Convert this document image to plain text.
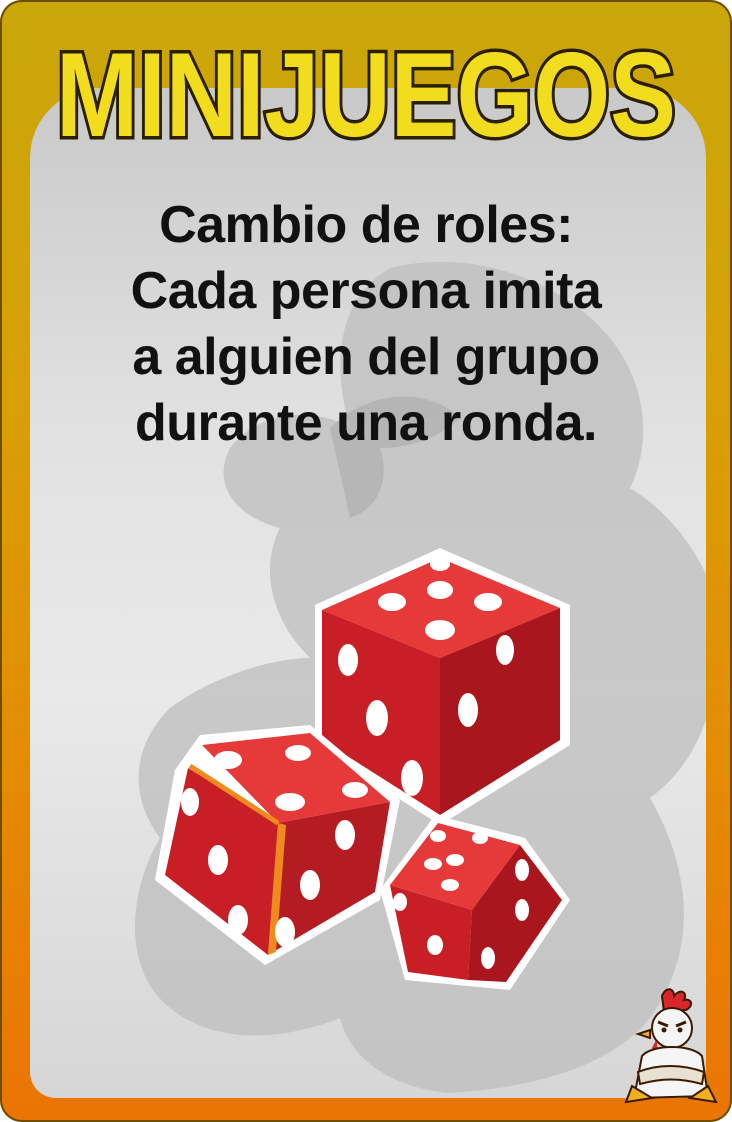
MINIJUEGOS
Cambio de roles:
Cada persona imita
a alguien del grupo
durante una ronda.
